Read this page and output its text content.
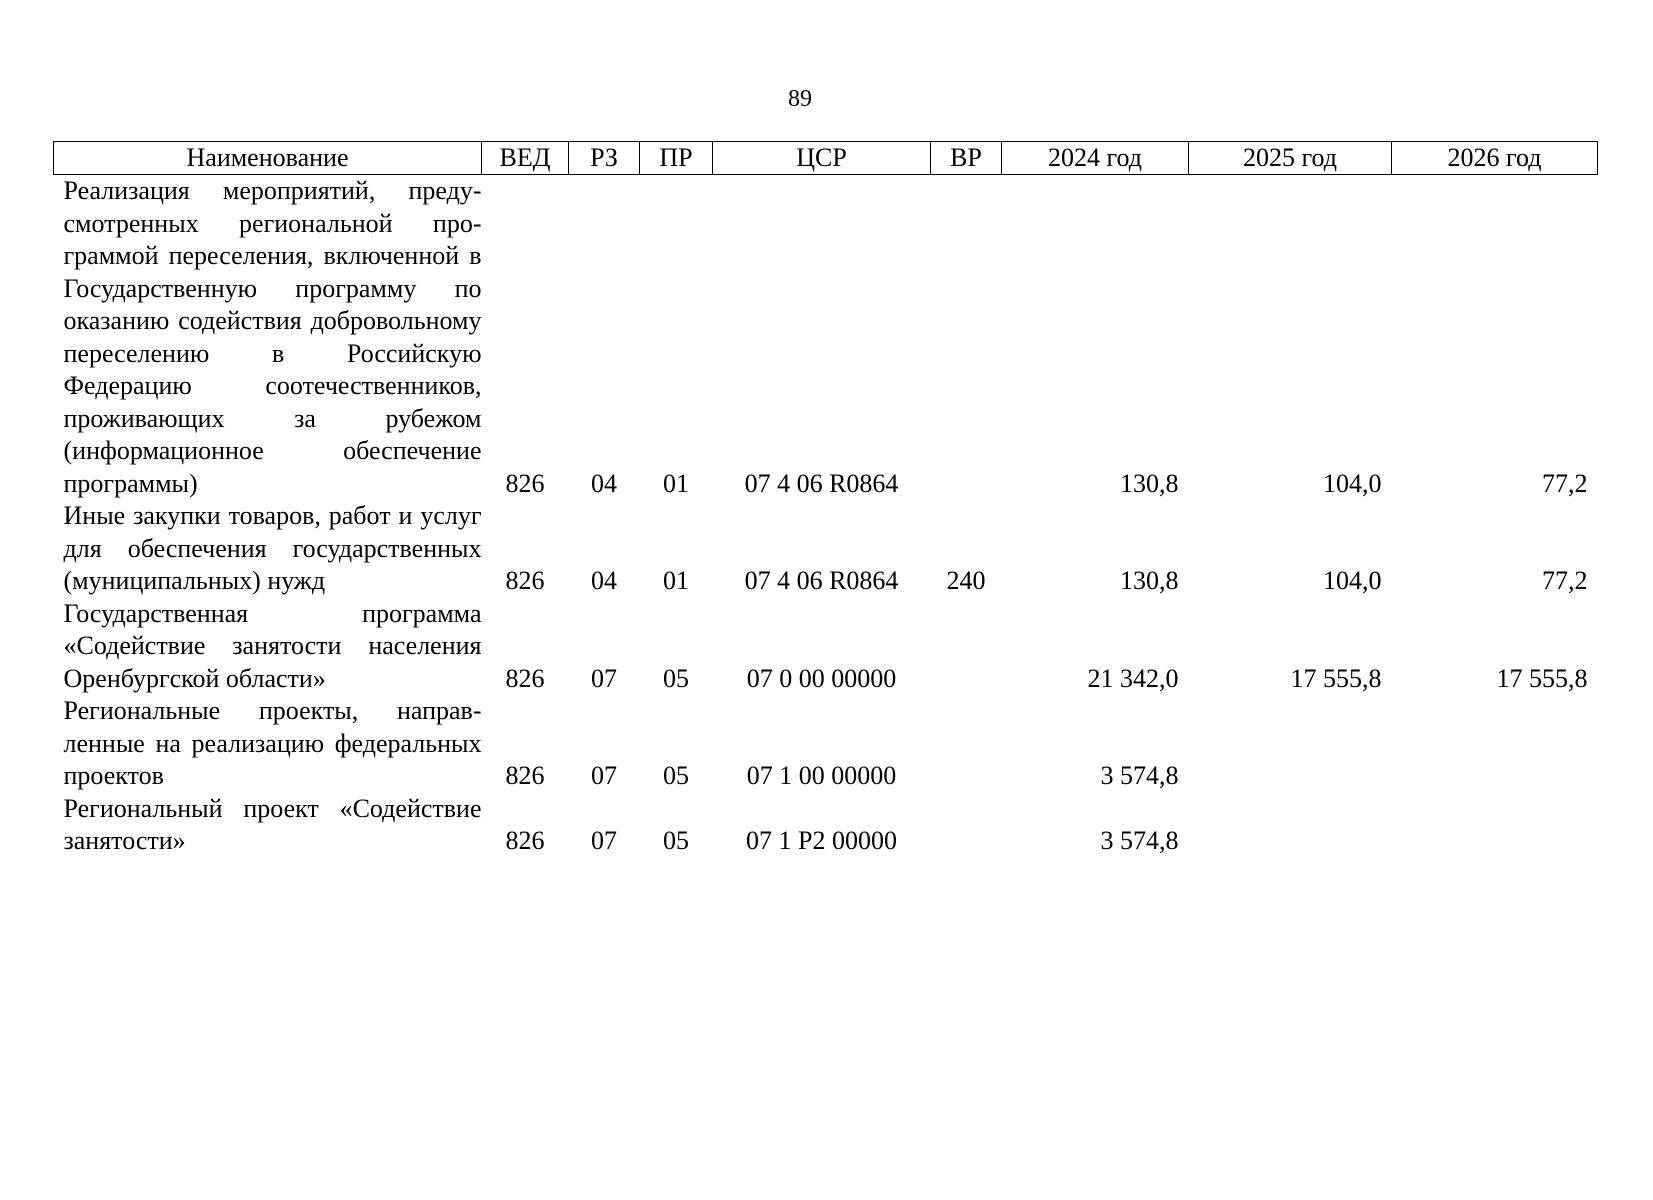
89
Наименование	ВЕД	РЗ	ПР	ЦСР	ВР	2024 год	2025 год	2026 год
Реализация мероприятий, предусмотренных региональной программой переселения, включенной в Государственную программу по оказанию содействия добровольному переселению в Российскую Федерацию соотечественников, проживающих за рубежом (информационное обеспечение программы)	826	04	01	07 4 06 R0864		130,8	104,0	77,2
Иные закупки товаров, работ и услуг для обеспечения государственных (муниципальных) нужд	826	04	01	07 4 06 R0864	240	130,8	104,0	77,2
Государственная программа «Содействие занятости населения Оренбургской области»	826	07	05	07 0 00 00000		21 342,0	17 555,8	17 555,8
Региональные проекты, направленные на реализацию федеральных проектов	826	07	05	07 1 00 00000		3 574,8		
Региональный проект «Содействие занятости»	826	07	05	07 1 Р2 00000		3 574,8		
